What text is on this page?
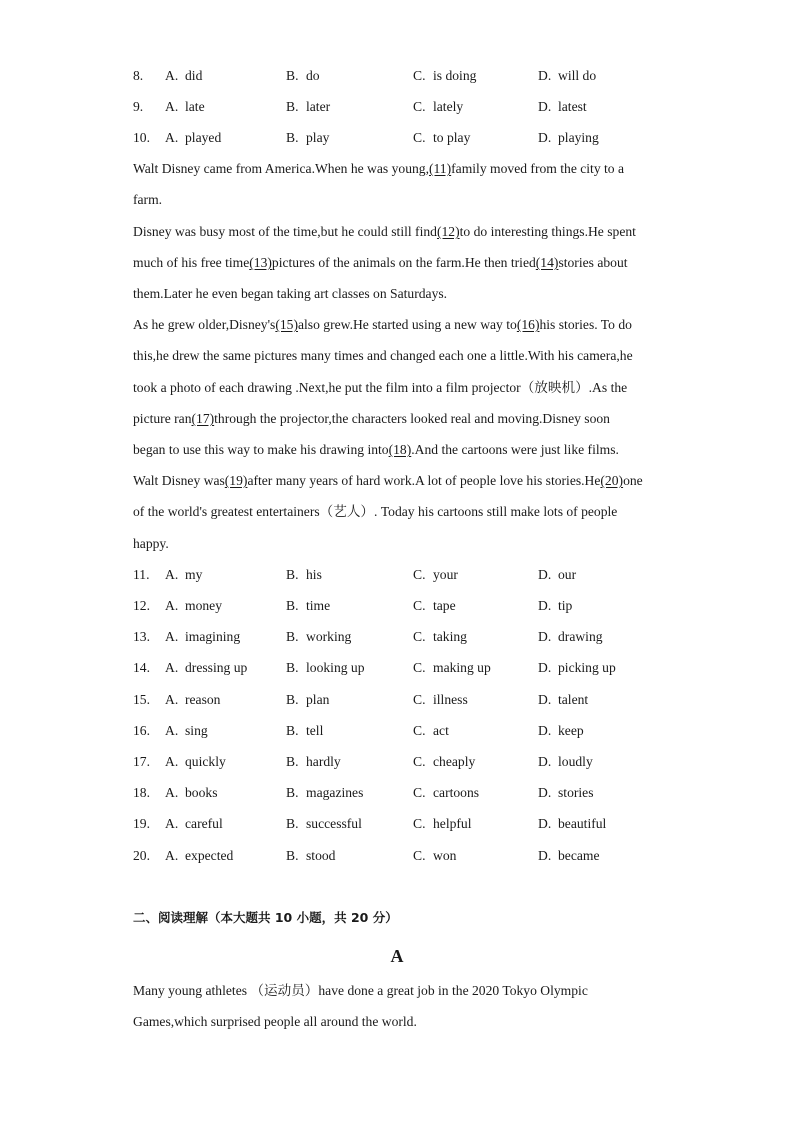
8. A. did	B. do	C. is doing	D. will do
9. A. late	B. later	C. lately	D. latest
10. A. played	B. play	C. to play	D. playing
Walt Disney came from America.When he was young,(11)family moved from the city to a
farm.
Disney was busy most of the time,but he could still find(12)to do interesting things.He spent
much of his free time(13)pictures of the animals on the farm.He then tried(14)stories about
them.Later he even began taking art classes on Saturdays.
As he grew older,Disney's(15)also grew.He started using a new way to(16)his stories. To do
this,he drew the same pictures many times and changed each one a little.With his camera,he
took a photo of each drawing .Next,he put the film into a film projector（放映机）.As the
picture ran(17)through the projector,the characters looked real and moving.Disney soon
began to use this way to make his drawing into(18).And the cartoons were just like films.
Walt Disney was(19)after many years of hard work.A lot of people love his stories.He(20)one
of the world's greatest entertainers（艺人）. Today his cartoons still make lots of people
happy.
11. A. my	B. his	C. your	D. our
12. A. money	B. time	C. tape	D. tip
13. A. imagining	B. working	C. taking	D. drawing
14. A. dressing up	B. looking up	C. making up	D. picking up
15. A. reason	B. plan	C. illness	D. talent
16. A. sing	B. tell	C. act	D. keep
17. A. quickly	B. hardly	C. cheaply	D. loudly
18. A. books	B. magazines	C. cartoons	D. stories
19. A. careful	B. successful	C. helpful	D. beautiful
20. A. expected	B. stood	C. won	D. became
二、阅读理解（本大题共 10 小题，共 20 分）
A
Many young athletes （运动员）have done a great job in the 2020 Tokyo Olympic
Games,which surprised people all around the world.
